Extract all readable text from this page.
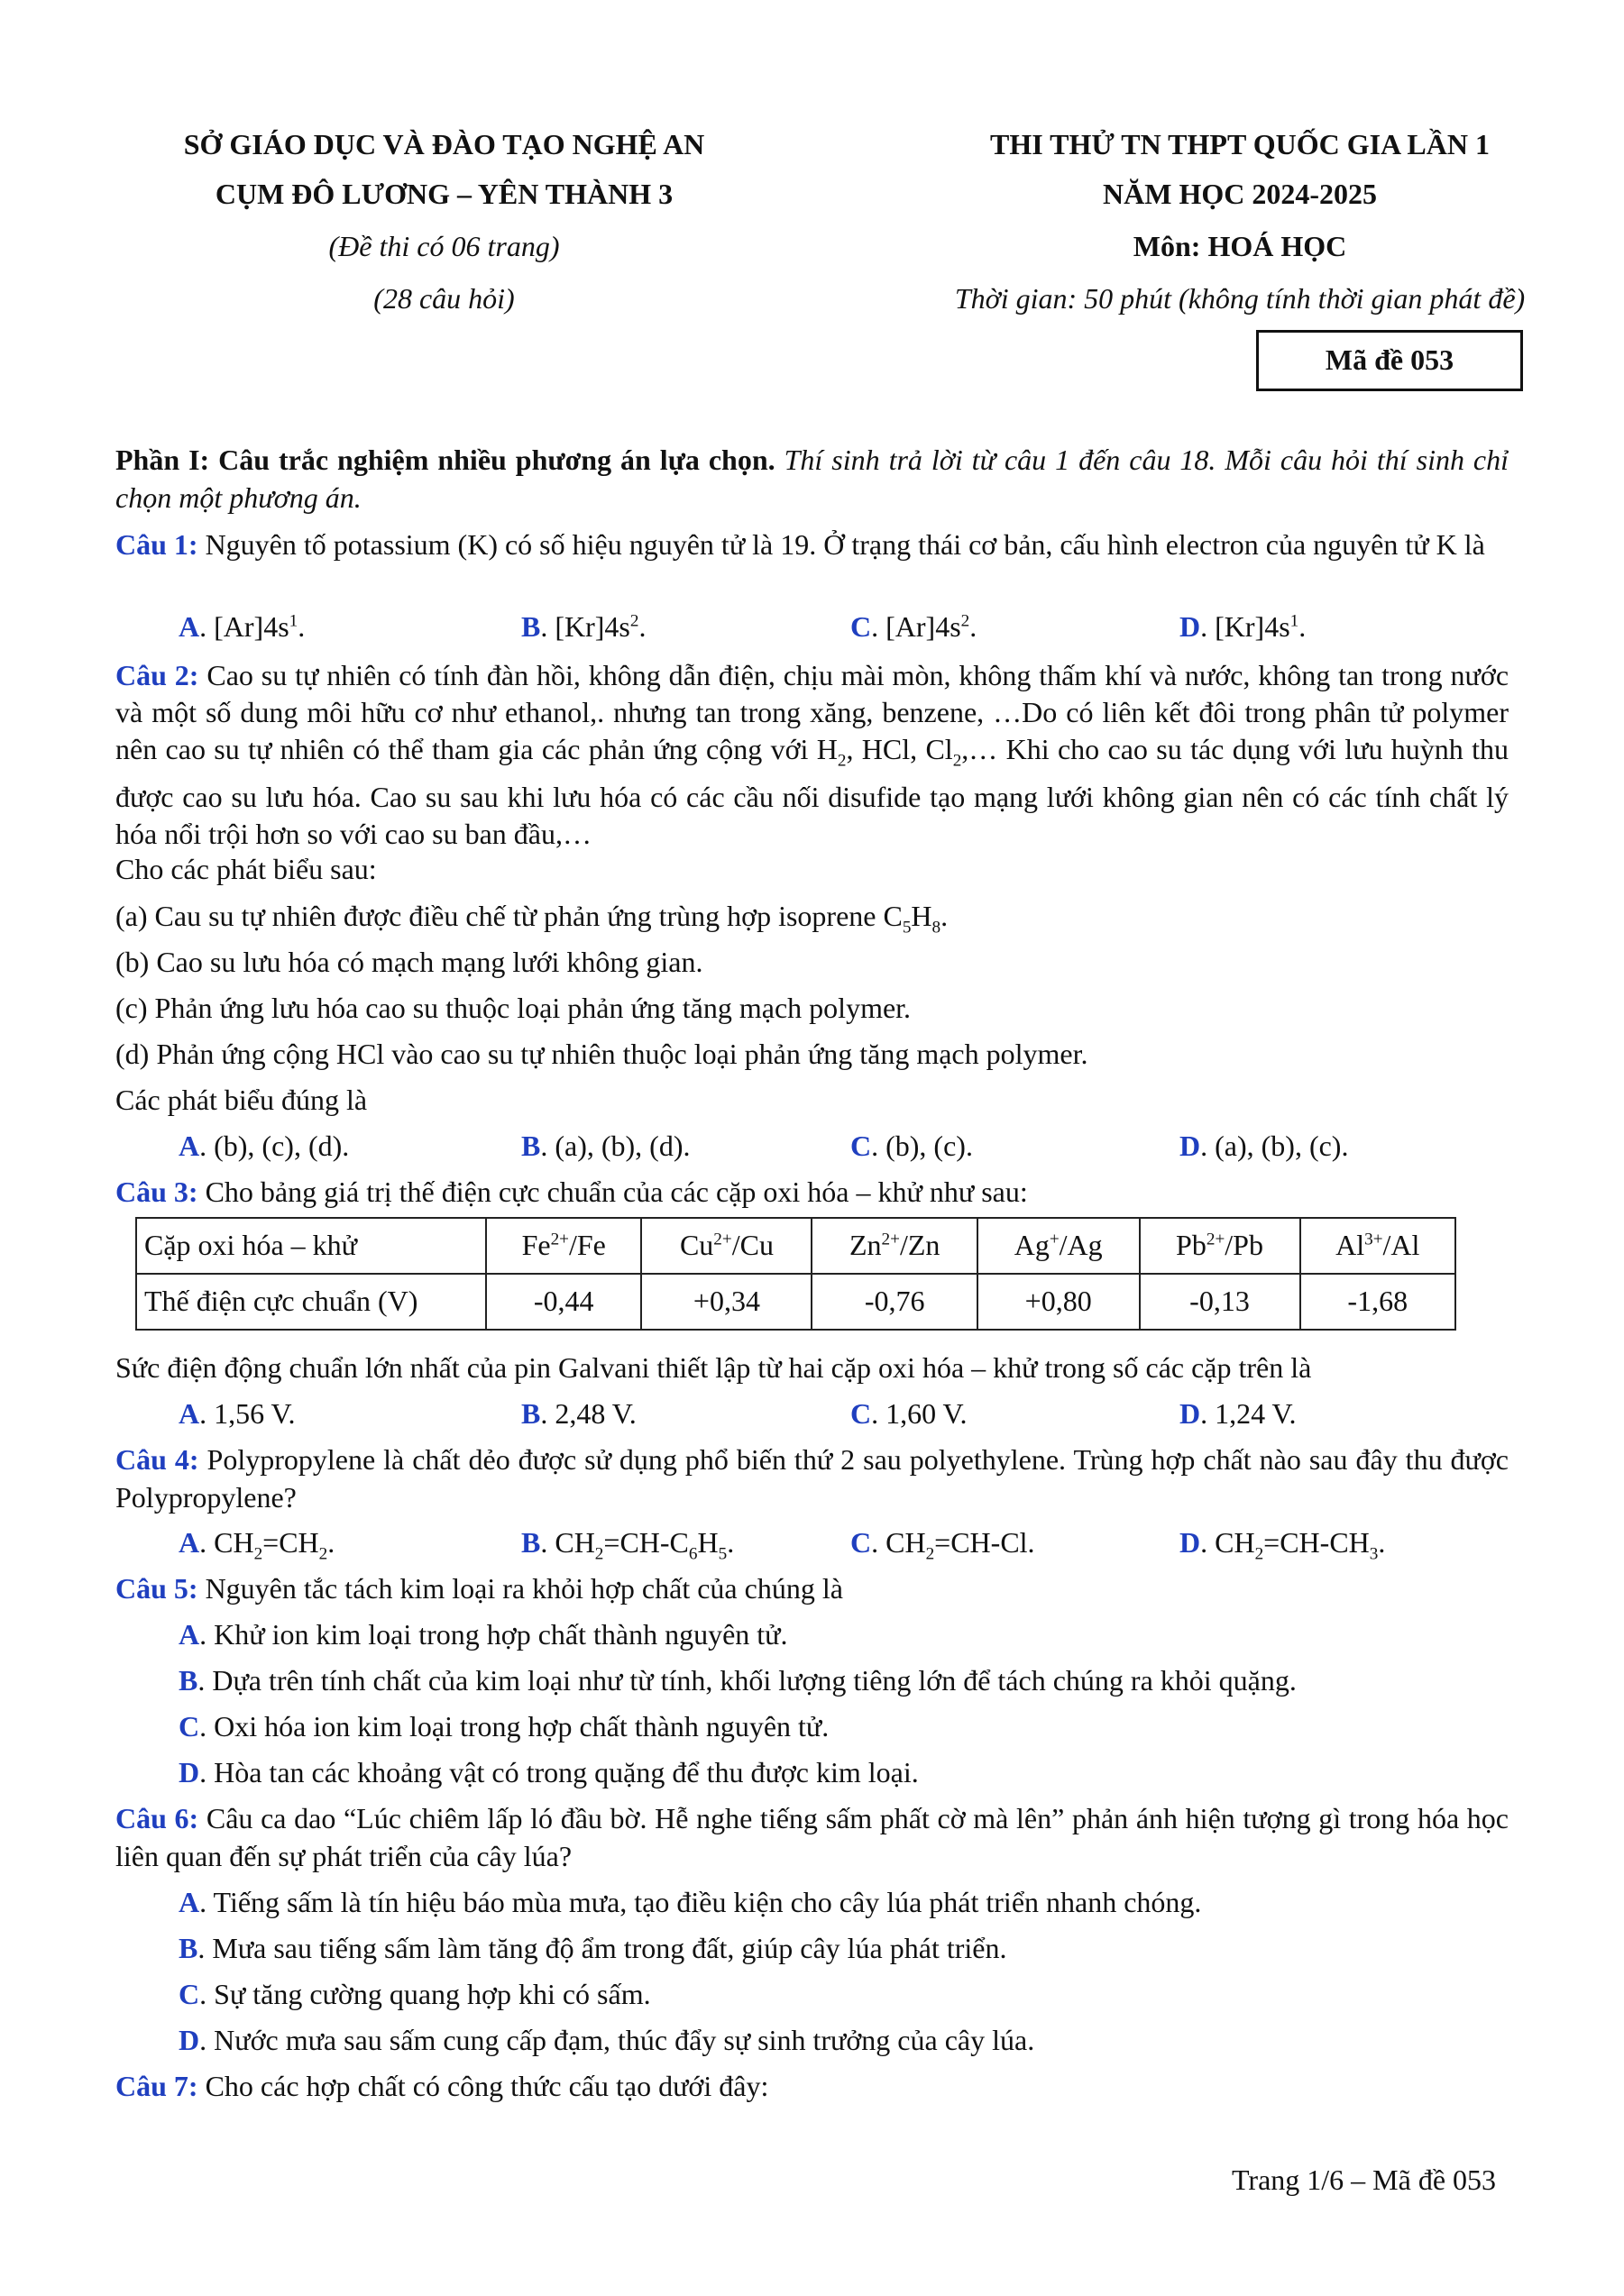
SỞ GIÁO DỤC VÀ ĐÀO TẠO NGHỆ AN
CỤM ĐÔ LƯƠNG – YÊN THÀNH 3
(Đề thi có 06 trang)
(28 câu hỏi)
THI THỬ TN THPT QUỐC GIA LẦN 1
NĂM HỌC 2024-2025
Môn: HOÁ HỌC
Thời gian: 50 phút (không tính thời gian phát đề)
Mã đề 053
Phần I: Câu trắc nghiệm nhiều phương án lựa chọn. Thí sinh trả lời từ câu 1 đến câu 18. Mỗi câu hỏi thí sinh chỉ chọn một phương án.
Câu 1: Nguyên tố potassium (K) có số hiệu nguyên tử là 19. Ở trạng thái cơ bản, cấu hình electron của nguyên tử K là
A. $[Ar]4s^1$.	B. $[Kr]4s^2$.	C. $[Ar]4s^2$.	D. $[Kr]4s^1$.
Câu 2: Cao su tự nhiên có tính đàn hồi, không dẫn điện, chịu mài mòn, không thấm khí và nước, không tan trong nước và một số dung môi hữu cơ như ethanol,. nhưng tan trong xăng, benzene, …Do có liên kết đôi trong phân tử polymer nên cao su tự nhiên có thể tham gia các phản ứng cộng với $H_2$, HCl, $Cl_2,\dots$ Khi cho cao su tác dụng với lưu huỳnh thu được cao su lưu hóa. Cao su sau khi lưu hóa có các cầu nối disufide tạo mạng lưới không gian nên có các tính chất lý hóa nổi trội hơn so với cao su ban đầu,…
Cho các phát biểu sau:
(a) Cau su tự nhiên được điều chế từ phản ứng trùng hợp isoprene $C_5H_8$.
(b) Cao su lưu hóa có mạch mạng lưới không gian.
(c) Phản ứng lưu hóa cao su thuộc loại phản ứng tăng mạch polymer.
(d) Phản ứng cộng HCl vào cao su tự nhiên thuộc loại phản ứng tăng mạch polymer.
Các phát biểu đúng là
A. (b), (c), (d).	B. (a), (b), (d).	C. (b), (c).	D. (a), (b), (c).
Câu 3: Cho bảng giá trị thế điện cực chuẩn của các cặp oxi hóa – khử như sau:
Cặp oxi hóa – khử	$Fe^{2+}/Fe$	$Cu^{2+}/Cu$	$Zn^{2+}/Zn$	Ag+/Ag	$Pb^{2+}/Pb$	$Al^{3+}/Al$
Thế điện cực chuẩn (V)	-0,44	+0,34	-0,76	+0,80	-0,13	-1,68
Sức điện động chuẩn lớn nhất của pin Galvani thiết lập từ hai cặp oxi hóa – khử trong số các cặp trên là
A. 1,56 V.	B. 2,48 V.	C. 1,60 V.	D. 1,24 V.
Câu 4: Polypropylene là chất dẻo được sử dụng phổ biến thứ 2 sau polyethylene. Trùng hợp chất nào sau đây thu được Polypropylene?
A. $CH_2=CH_2$.	B. $CH_2=CH-C_6H_5$.	C. $CH_2=CH-Cl$.	D. $CH_2=CH-CH_3$.
Câu 5: Nguyên tắc tách kim loại ra khỏi hợp chất của chúng là
A. Khử ion kim loại trong hợp chất thành nguyên tử.
B. Dựa trên tính chất của kim loại như từ tính, khối lượng tiêng lớn để tách chúng ra khỏi quặng.
C. Oxi hóa ion kim loại trong hợp chất thành nguyên tử.
D. Hòa tan các khoảng vật có trong quặng để thu được kim loại.
Câu 6: Câu ca dao “Lúc chiêm lấp ló đầu bờ. Hễ nghe tiếng sấm phất cờ mà lên” phản ánh hiện tượng gì trong hóa học liên quan đến sự phát triển của cây lúa?
A. Tiếng sấm là tín hiệu báo mùa mưa, tạo điều kiện cho cây lúa phát triển nhanh chóng.
B. Mưa sau tiếng sấm làm tăng độ ẩm trong đất, giúp cây lúa phát triển.
C. Sự tăng cường quang hợp khi có sấm.
D. Nước mưa sau sấm cung cấp đạm, thúc đẩy sự sinh trưởng của cây lúa.
Câu 7: Cho các hợp chất có công thức cấu tạo dưới đây:
Trang 1/6 – Mã đề 053
